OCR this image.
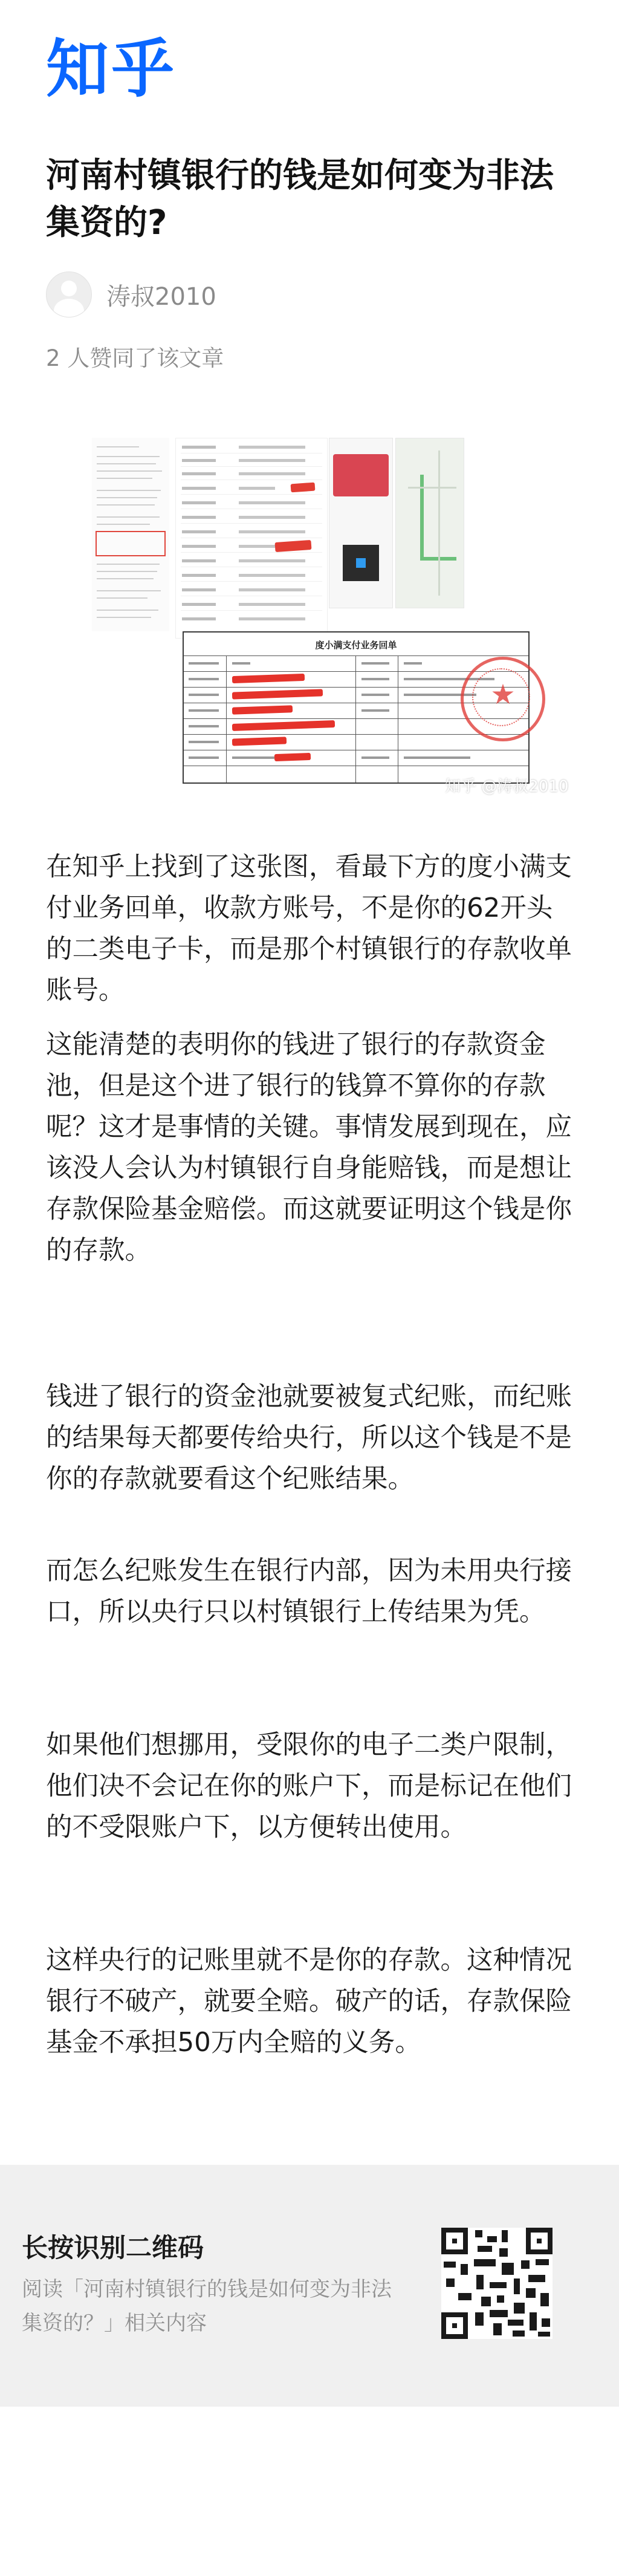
知乎
河南村镇银行的钱是如何变为非法集资的?
涛叔2010
2 人赞同了该文章
度小满支付业务回单
★
知乎 @涛叔2010

在知乎上找到了这张图，看最下方的度小满支付业务回单，收款方账号，不是你的62开头的二类电子卡，而是那个村镇银行的存款收单账号。

这能清楚的表明你的钱进了银行的存款资金池，但是这个进了银行的钱算不算你的存款呢？这才是事情的关键。事情发展到现在，应该没人会认为村镇银行自身能赔钱，而是想让存款保险基金赔偿。而这就要证明这个钱是你的存款。

钱进了银行的资金池就要被复式纪账，而纪账的结果每天都要传给央行，所以这个钱是不是你的存款就要看这个纪账结果。

而怎么纪账发生在银行内部，因为未用央行接口，所以央行只以村镇银行上传结果为凭。

如果他们想挪用，受限你的电子二类户限制，他们决不会记在你的账户下，而是标记在他们的不受限账户下，以方便转出使用。

这样央行的记账里就不是你的存款。这种情况银行不破产，就要全赔。破产的话，存款保险基金不承担50万内全赔的义务。

长按识别二维码
阅读「河南村镇银行的钱是如何变为非法集资的？」相关内容
